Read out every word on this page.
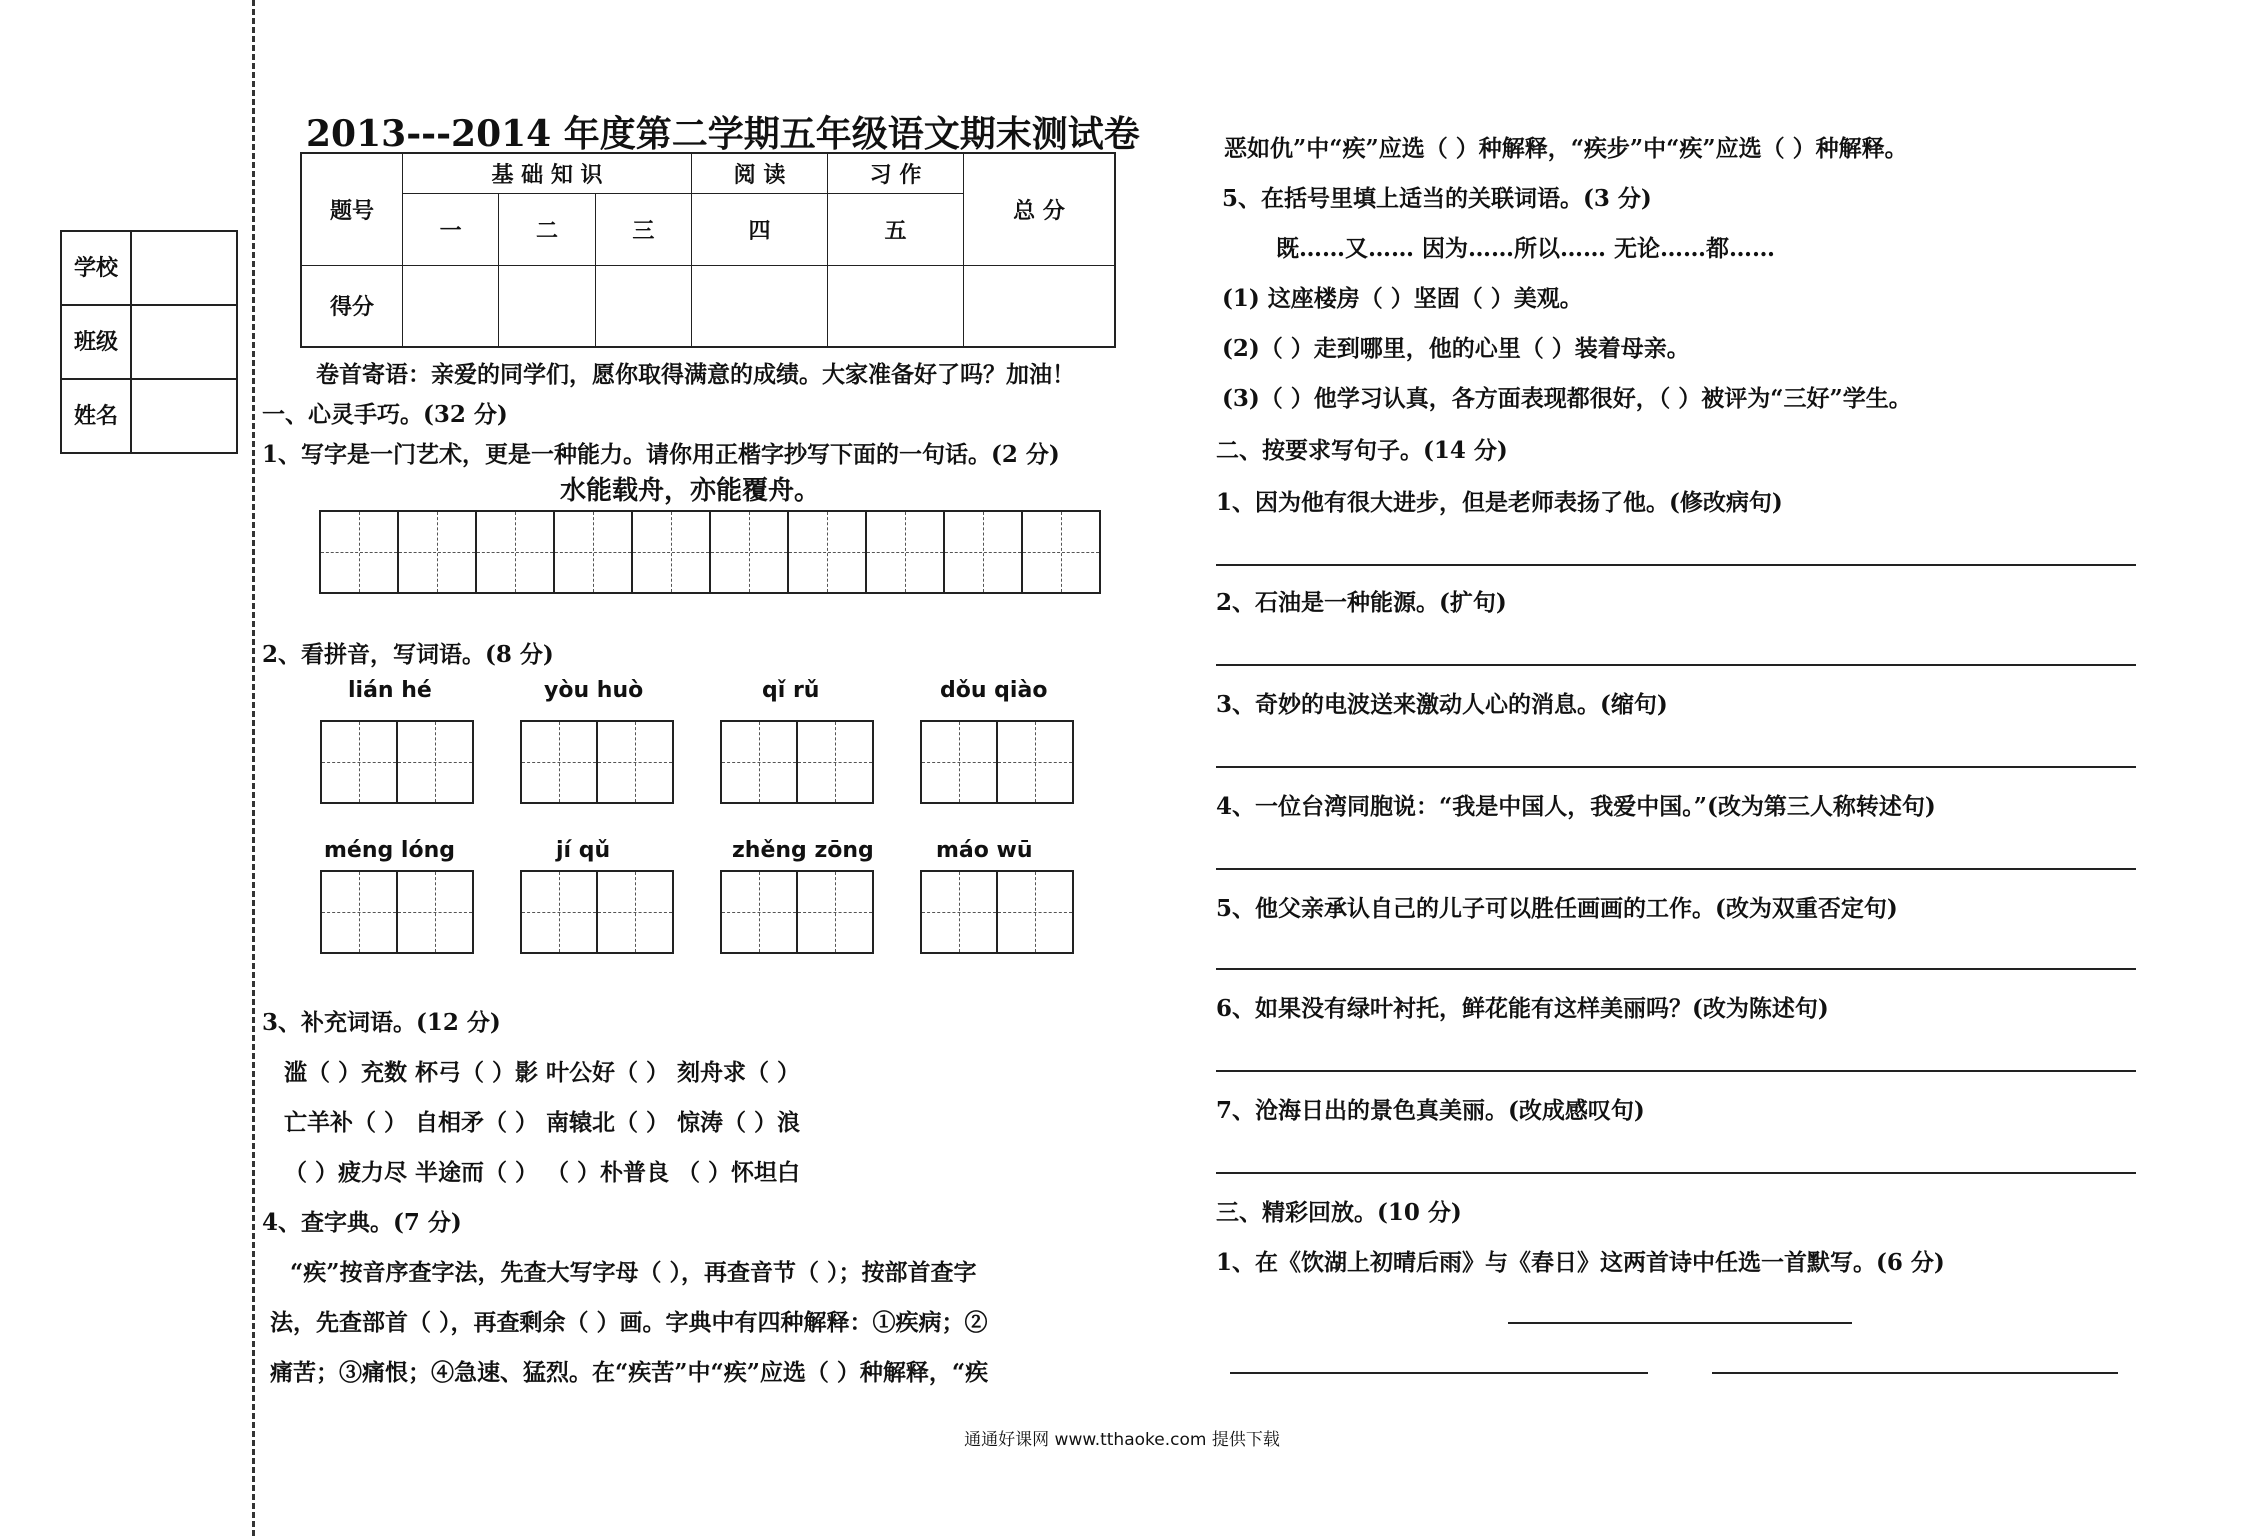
学校	
班级	
姓名	
2013---2014 年度第二学期五年级语文期末测试卷
题号	基 础 知 识			阅 读	习 作	总 分
	一	二	三	四	五	
得分						
卷首寄语：亲爱的同学们，愿你取得满意的成绩。大家准备好了吗？加油！
一、心灵手巧。(32 分)
1、写字是一门艺术，更是一种能力。请你用正楷字抄写下面的一句话。(2 分)
水能载舟，亦能覆舟。
2、看拼音，写词语。(8 分)
lián hé	yòu huò	qǐ rǔ	dǒu qiào
méng lóng	jí qǔ	zhěng zōng	máo wū
3、补充词语。(12 分)
滥（ ）充数 杯弓（ ）影 叶公好（ ） 刻舟求（ ）
亡羊补（ ） 自相矛（ ） 南辕北（ ） 惊涛（ ）浪
（ ）疲力尽 半途而（ ） （ ）朴普良 （ ）怀坦白
4、查字典。(7 分)
“疾”按音序查字法，先查大写字母（ ），再查音节（ ）；按部首查字
法，先查部首（ ），再查剩余（ ）画。字典中有四种解释：①疾病；②
痛苦；③痛恨；④急速、猛烈。在“疾苦”中“疾”应选（ ）种解释，“疾
恶如仇”中“疾”应选（ ）种解释，“疾步”中“疾”应选（ ）种解释。
5、在括号里填上适当的关联词语。(3 分)
既……又…… 因为……所以…… 无论……都……
(1) 这座楼房（ ）坚固（ ）美观。
(2)（ ）走到哪里，他的心里（ ）装着母亲。
(3)（ ）他学习认真，各方面表现都很好，（ ）被评为“三好”学生。
二、按要求写句子。(14 分)
1、因为他有很大进步，但是老师表扬了他。(修改病句)
2、石油是一种能源。(扩句)
3、奇妙的电波送来激动人心的消息。(缩句)
4、一位台湾同胞说：“我是中国人，我爱中国。”(改为第三人称转述句)
5、他父亲承认自己的儿子可以胜任画画的工作。(改为双重否定句)
6、如果没有绿叶衬托，鲜花能有这样美丽吗？(改为陈述句)
7、沧海日出的景色真美丽。(改成感叹句)
三、精彩回放。(10 分)
1、在《饮湖上初晴后雨》与《春日》这两首诗中任选一首默写。(6 分)
通通好课网 www.tthaoke.com 提供下载
